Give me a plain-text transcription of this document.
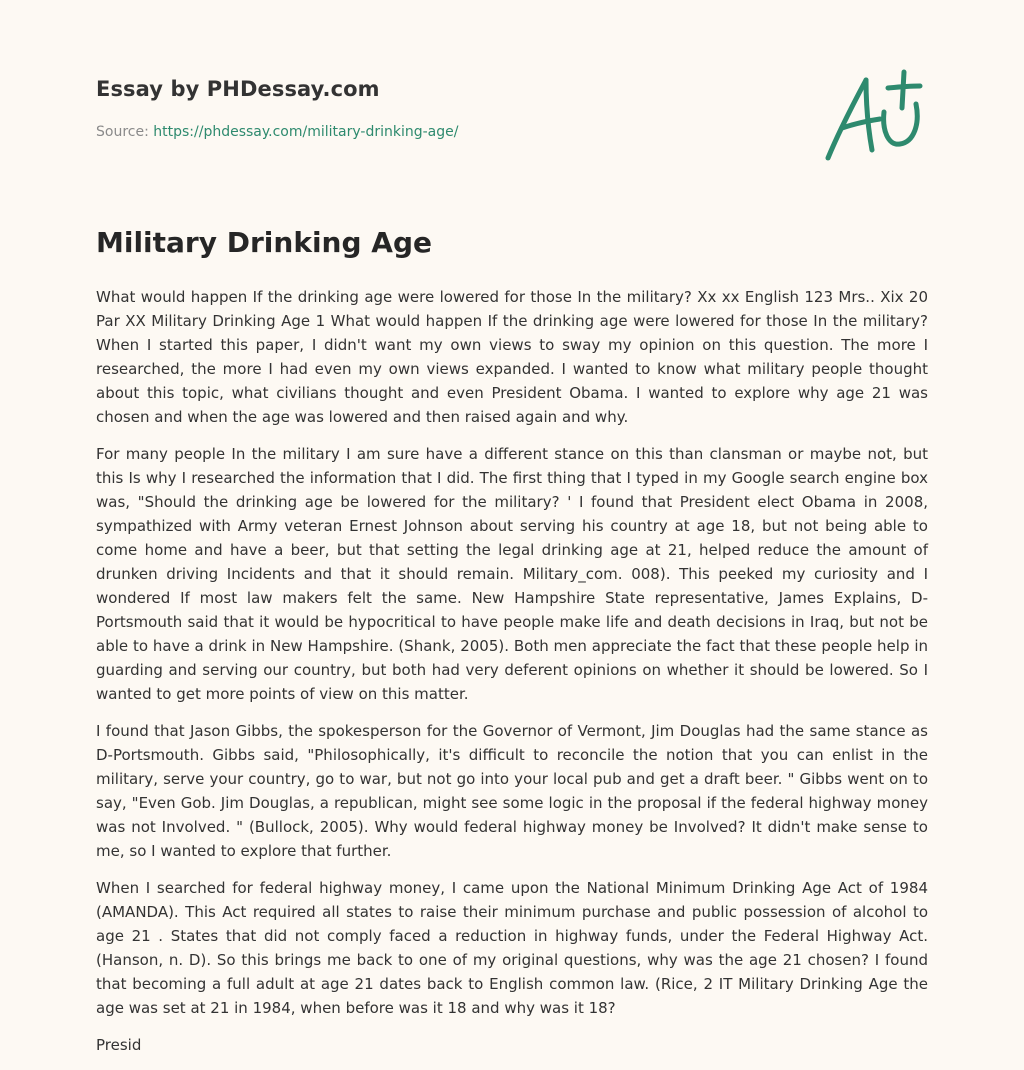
Essay by PHDessay.com
Source: https://phdessay.com/military-drinking-age/
Military Drinking Age

What would happen If the drinking age were lowered for those In the military? Xx xx English 123 Mrs.. Xix 20 Par XX Military Drinking Age 1 What would happen If the drinking age were lowered for those In the military? When I started this paper, I didn't want my own views to sway my opinion on this question. The more I researched, the more I had even my own views expanded. I wanted to know what military people thought about this topic, what civilians thought and even President Obama. I wanted to explore why age 21 was chosen and when the age was lowered and then raised again and why.

For many people In the military I am sure have a different stance on this than clansman or maybe not, but this Is why I researched the information that I did. The first thing that I typed in my Google search engine box was, "Should the drinking age be lowered for the military? ' I found that President elect Obama in 2008, sympathized with Army veteran Ernest Johnson about serving his country at age 18, but not being able to come home and have a beer, but that setting the legal drinking age at 21, helped reduce the amount of drunken driving Incidents and that it should remain. Military_com. 008). This peeked my curiosity and I wondered If most law makers felt the same. New Hampshire State representative, James Explains, D-Portsmouth said that it would be hypocritical to have people make life and death decisions in Iraq, but not be able to have a drink in New Hampshire. (Shank, 2005). Both men appreciate the fact that these people help in guarding and serving our country, but both had very deferent opinions on whether it should be lowered. So I wanted to get more points of view on this matter.

I found that Jason Gibbs, the spokesperson for the Governor of Vermont, Jim Douglas had the same stance as D-Portsmouth. Gibbs said, "Philosophically, it's difficult to reconcile the notion that you can enlist in the military, serve your country, go to war, but not go into your local pub and get a draft beer. " Gibbs went on to say, "Even Gob. Jim Douglas, a republican, might see some logic in the proposal if the federal highway money was not Involved. " (Bullock, 2005). Why would federal highway money be Involved? It didn't make sense to me, so I wanted to explore that further.

When I searched for federal highway money, I came upon the National Minimum Drinking Age Act of 1984 (AMANDA). This Act required all states to raise their minimum purchase and public possession of alcohol to age 21 . States that did not comply faced a reduction in highway funds, under the Federal Highway Act. (Hanson, n. D). So this brings me back to one of my original questions, why was the age 21 chosen? I found that becoming a full adult at age 21 dates back to English common law. (Rice, 2 IT Military Drinking Age the age was set at 21 in 1984, when before was it 18 and why was it 18?

Presid
